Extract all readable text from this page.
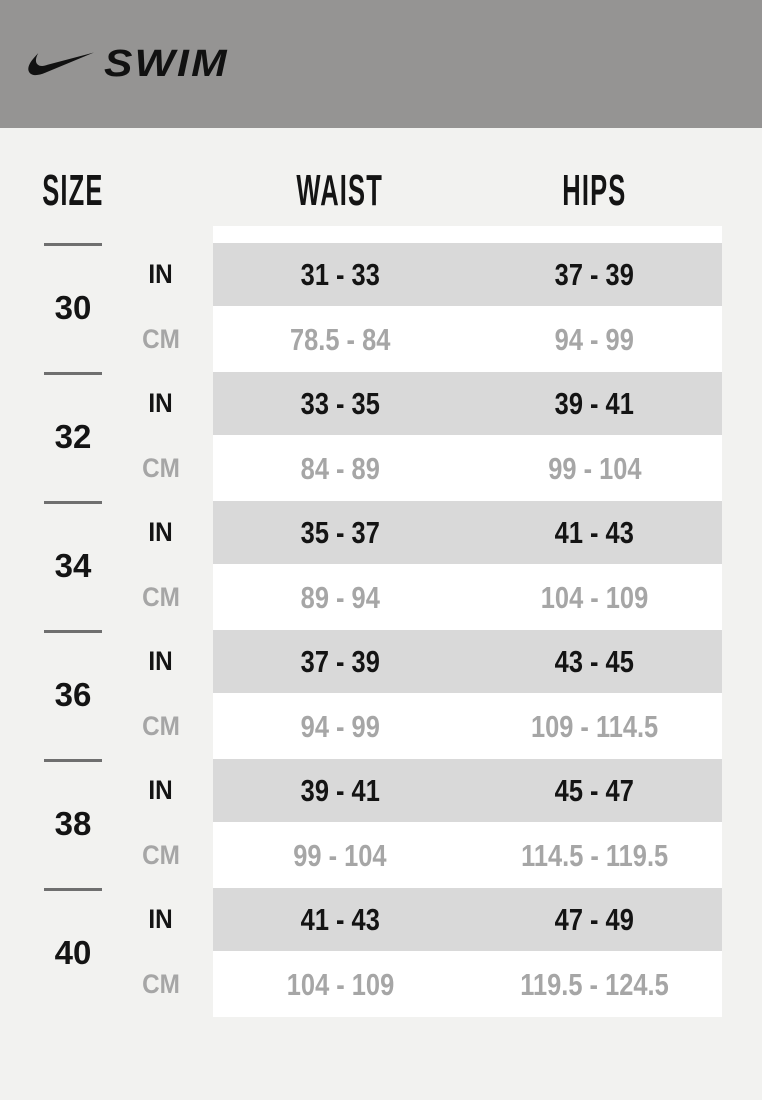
SWIM
SIZE	WAIST	HIPS
30
IN	31 - 33	37 - 39
CM	78.5 - 84	94 - 99
32
IN	33 - 35	39 - 41
CM	84 - 89	99 - 104
34
IN	35 - 37	41 - 43
CM	89 - 94	104 - 109
36
IN	37 - 39	43 - 45
CM	94 - 99	109 - 114.5
38
IN	39 - 41	45 - 47
CM	99 - 104	114.5 - 119.5
40
IN	41 - 43	47 - 49
CM	104 - 109	119.5 - 124.5
